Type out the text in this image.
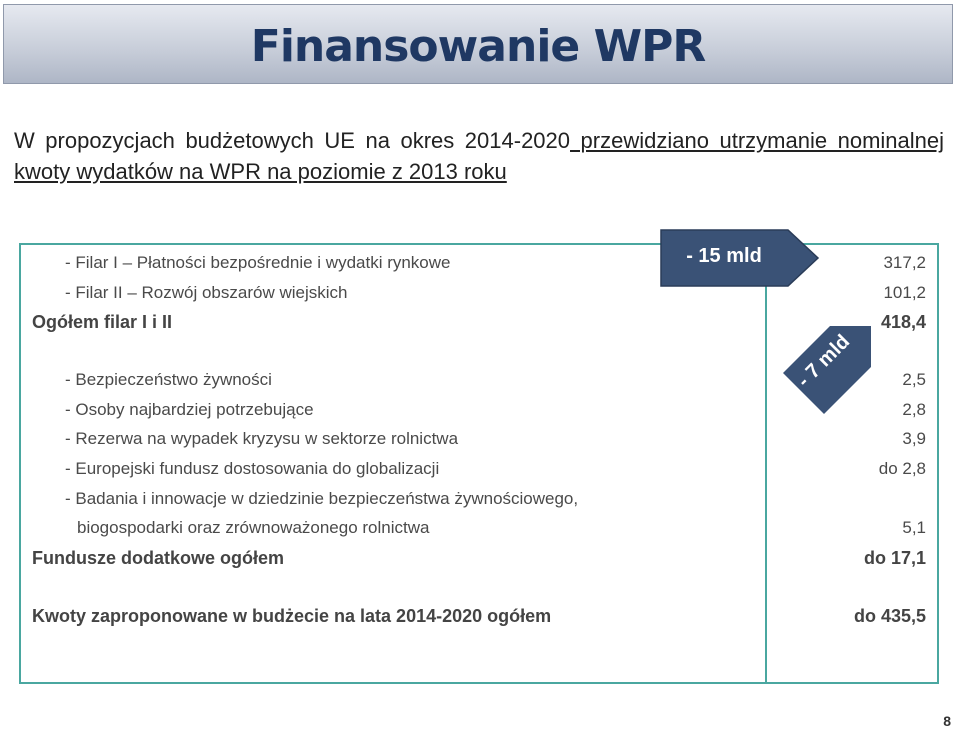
Finansowanie WPR
W propozycjach budżetowych UE na okres 2014-2020 przewidziano utrzymanie nominalnej kwoty wydatków na WPR na poziomie z 2013 roku
- Filar I – Płatności bezpośrednie i wydatki rynkowe	317,2
- Filar II – Rozwój obszarów wiejskich	101,2
Ogółem filar I i II	418,4
- Bezpieczeństwo żywności	2,5
- Osoby najbardziej potrzebujące	2,8
- Rezerwa na wypadek kryzysu w sektorze rolnictwa	3,9
- Europejski fundusz dostosowania do globalizacji	do 2,8
- Badania i innowacje w dziedzinie bezpieczeństwa żywnościowego,
biogospodarki oraz zrównoważonego rolnictwa	5,1
Fundusze dodatkowe ogółem	do 17,1
Kwoty zaproponowane w budżecie na lata 2014-2020 ogółem	do 435,5
- 15 mld
- 7 mld
8
